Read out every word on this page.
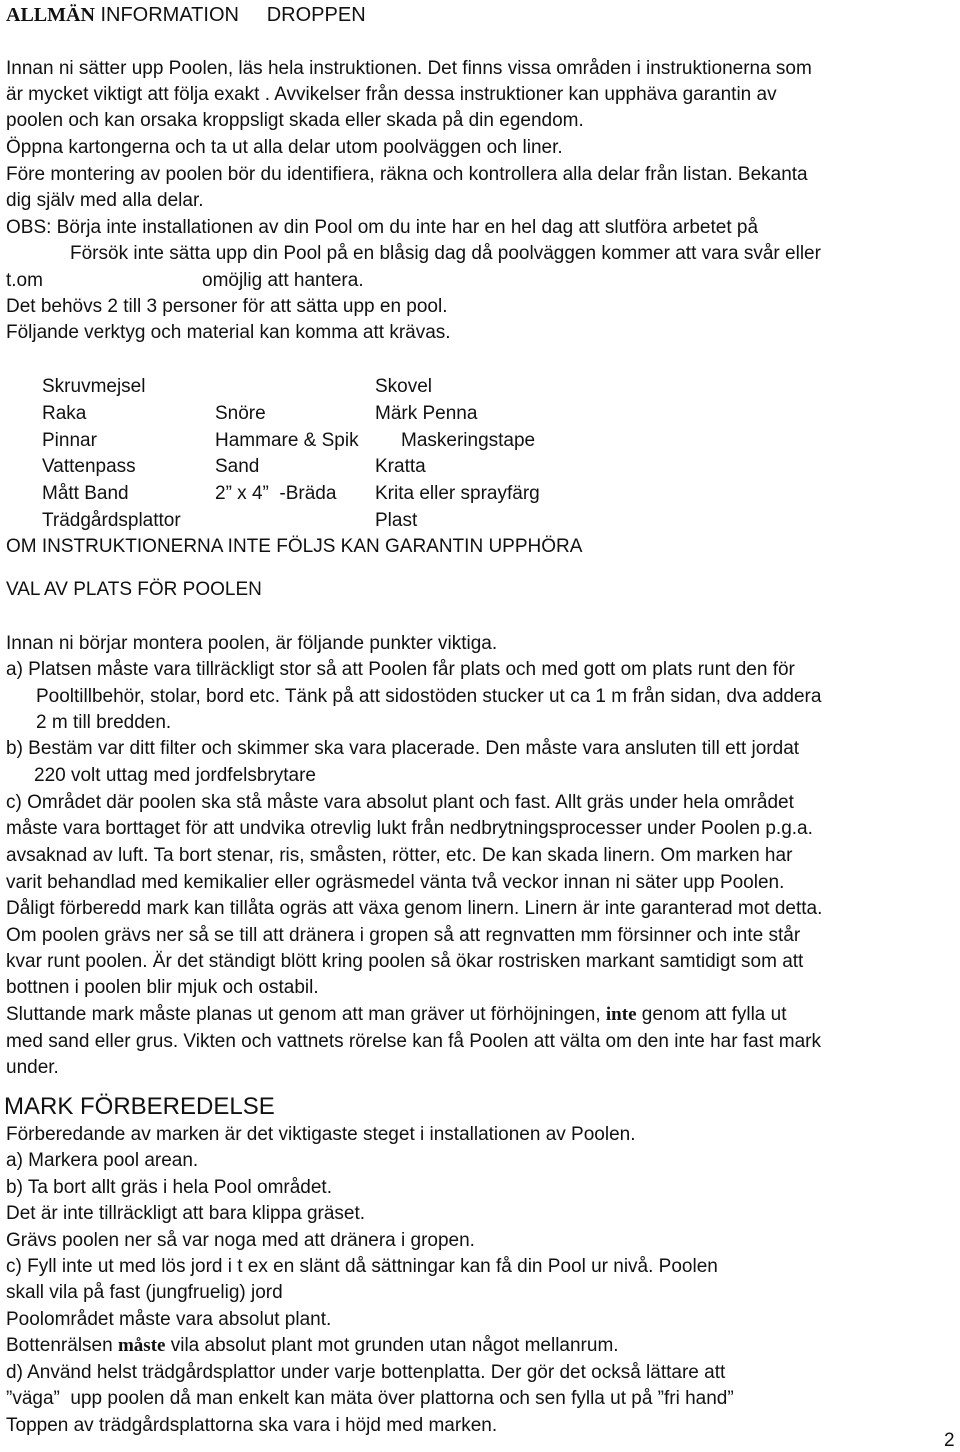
ALLMÄN INFORMATION     DROPPEN
Innan ni sätter upp Poolen, läs hela instruktionen. Det finns vissa områden i instruktionerna som
är mycket viktigt att följa exakt . Avvikelser från dessa instruktioner kan upphäva garantin av
poolen och kan orsaka kroppsligt skada eller skada på din egendom.
Öppna kartongerna och ta ut alla delar utom poolväggen och liner.
Före montering av poolen bör du identifiera, räkna och kontrollera alla delar från listan. Bekanta
dig själv med alla delar.
OBS: Börja inte installationen av din Pool om du inte har en hel dag att slutföra arbetet på
Försök inte sätta upp din Pool på en blåsig dag då poolväggen kommer att vara svår eller
t.om	omöjlig att hantera.
Det behövs 2 till 3 personer för att sätta upp en pool.
Följande verktyg och material kan komma att krävas.
Skruvmejsel
Raka
Pinnar
Vattenpass
Mått Band
Trädgårdsplattor
Snöre
Hammare & Spik
Sand
2” x 4”  -Bräda
Skovel
Märk Penna
Maskeringstape
Kratta
Krita eller sprayfärg
Plast
OM INSTRUKTIONERNA INTE FÖLJS KAN GARANTIN UPPHÖRA
VAL AV PLATS FÖR POOLEN
Innan ni börjar montera poolen, är följande punkter viktiga.
a) Platsen måste vara tillräckligt stor så att Poolen får plats och med gott om plats runt den för
Pooltillbehör, stolar, bord etc. Tänk på att sidostöden stucker ut ca 1 m från sidan, dva addera
2 m till bredden.
b) Bestäm var ditt filter och skimmer ska vara placerade. Den måste vara ansluten till ett jordat
220 volt uttag med jordfelsbrytare
c) Området där poolen ska stå måste vara absolut plant och fast. Allt gräs under hela området
måste vara borttaget för att undvika otrevlig lukt från nedbrytningsprocesser under Poolen p.g.a.
avsaknad av luft. Ta bort stenar, ris, småsten, rötter, etc. De kan skada linern. Om marken har
varit behandlad med kemikalier eller ogräsmedel vänta två veckor innan ni säter upp Poolen.
Dåligt förberedd mark kan tillåta ogräs att växa genom linern. Linern är inte garanterad mot detta.
Om poolen grävs ner så se till att dränera i gropen så att regnvatten mm försinner och inte står
kvar runt poolen. Är det ständigt blött kring poolen så ökar rostrisken markant samtidigt som att
bottnen i poolen blir mjuk och ostabil.
Sluttande mark måste planas ut genom att man gräver ut förhöjningen, inte genom att fylla ut
med sand eller grus. Vikten och vattnets rörelse kan få Poolen att välta om den inte har fast mark
under.
MARK FÖRBEREDELSE
Förberedande av marken är det viktigaste steget i installationen av Poolen.
a) Markera pool arean.
b) Ta bort allt gräs i hela Pool området.
Det är inte tillräckligt att bara klippa gräset.
Grävs poolen ner så var noga med att dränera i gropen.
c) Fyll inte ut med lös jord i t ex en slänt då sättningar kan få din Pool ur nivå. Poolen
skall vila på fast (jungfruelig) jord
Poolområdet måste vara absolut plant.
Bottenrälsen måste vila absolut plant mot grunden utan något mellanrum.
d) Använd helst trädgårdsplattor under varje bottenplatta. Der gör det också lättare att
”väga”  upp poolen då man enkelt kan mäta över plattorna och sen fylla ut på ”fri hand”
Toppen av trädgårdsplattorna ska vara i höjd med marken.
2
